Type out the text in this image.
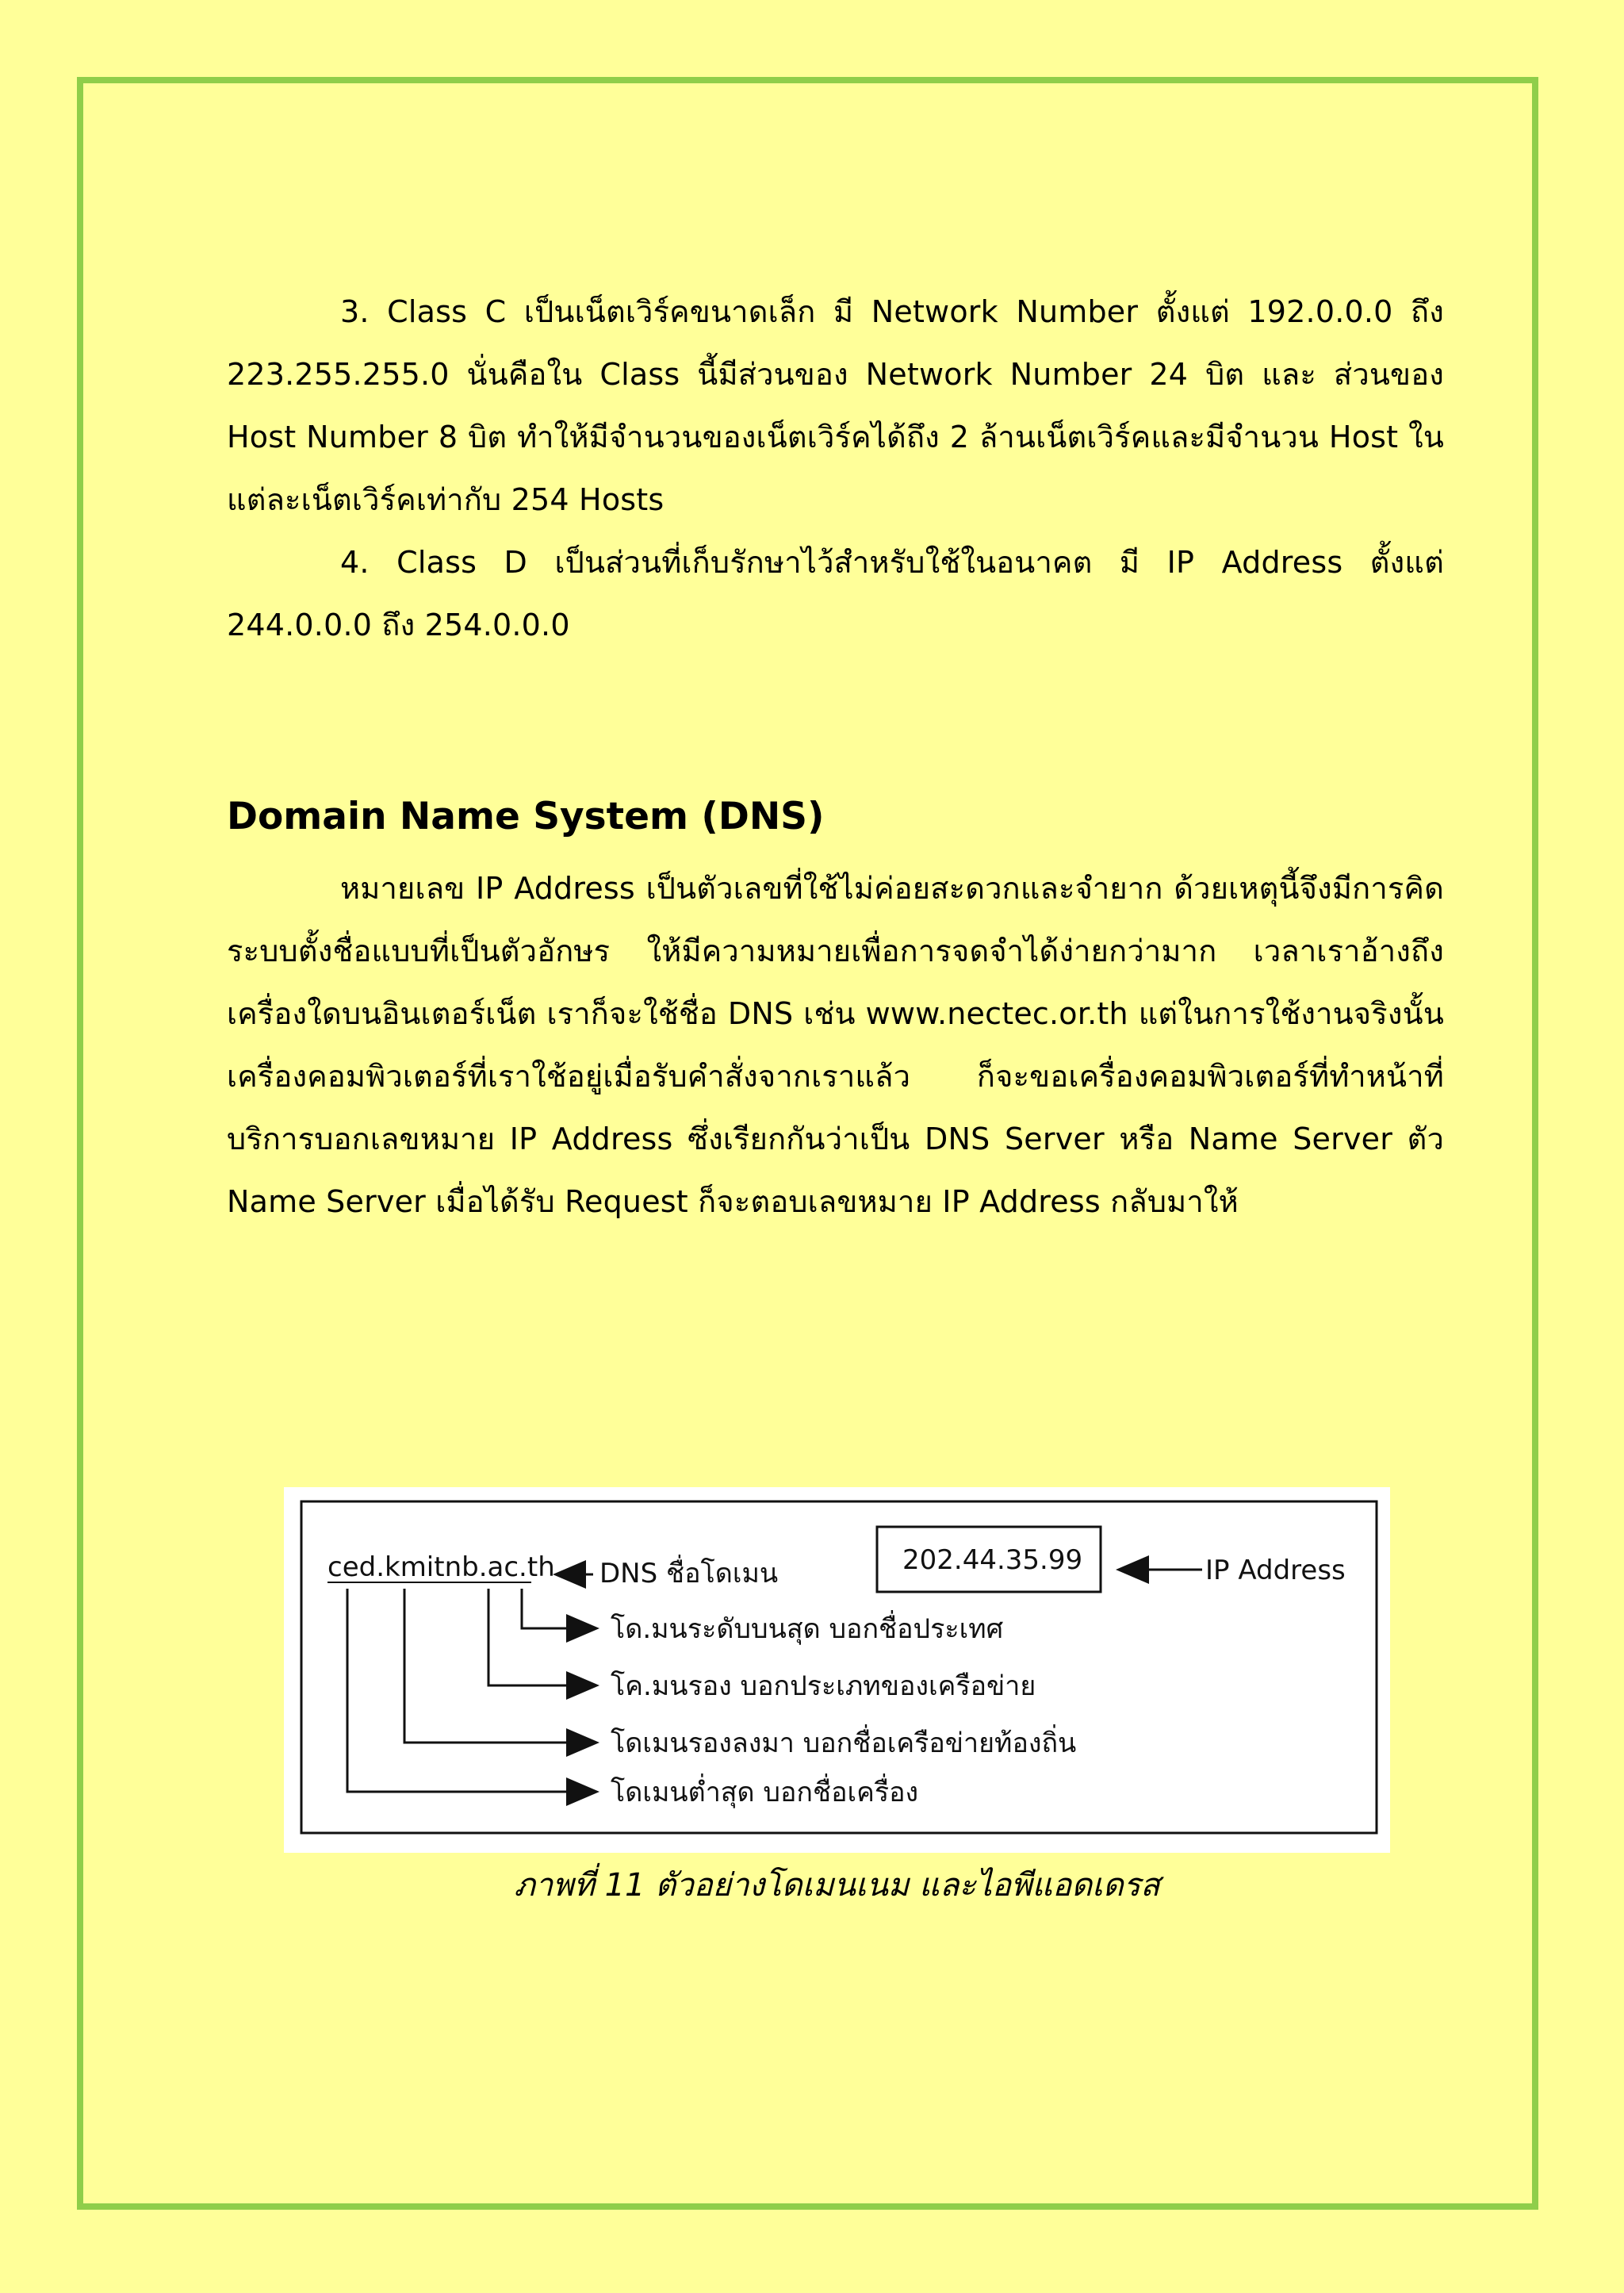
3. Class C เป็นเน็ตเวิร์คขนาดเล็ก มี Network Number ตั้งแต่ 192.0.0.0 ถึง 223.255.255.0 นั่นคือใน Class นี้มีส่วนของ Network Number 24 บิต และ ส่วนของ Host Number 8 บิต ทำให้มีจำนวนของเน็ตเวิร์คได้ถึง 2 ล้านเน็ตเวิร์คและมีจำนวน Host ในแต่ละเน็ตเวิร์คเท่ากับ 254 Hosts

4. Class D เป็นส่วนที่เก็บรักษาไว้สำหรับใช้ในอนาคต มี IP Address ตั้งแต่ 244.0.0.0 ถึง 254.0.0.0

Domain Name System (DNS)

หมายเลข IP Address เป็นตัวเลขที่ใช้ไม่ค่อยสะดวกและจำยาก ด้วยเหตุนี้จึงมีการคิดระบบตั้งชื่อแบบที่เป็นตัวอักษร ให้มีความหมายเพื่อการจดจำได้ง่ายกว่ามาก เวลาเราอ้างถึงเครื่องใดบนอินเตอร์เน็ต เราก็จะใช้ชื่อ DNS เช่น www.nectec.or.th แต่ในการใช้งานจริงนั้น เครื่องคอมพิวเตอร์ที่เราใช้อยู่เมื่อรับคำสั่งจากเราแล้ว ก็จะขอเครื่องคอมพิวเตอร์ที่ทำหน้าที่บริการบอกเลขหมาย IP Address ซึ่งเรียกกันว่าเป็น DNS Server หรือ Name Server ตัว Name Server เมื่อได้รับ Request ก็จะตอบเลขหมาย IP Address กลับมาให้

ced.kmitnb.ac.th DNS ชื่อโดเมน	202.44.35.99	IP Address
โด.มนระดับบนสุด บอกชื่อประเทศ
โค.มนรอง บอกประเภทของเครือข่าย
โดเมนรองลงมา บอกชื่อเครือข่ายท้องถิ่น
โดเมนต่ำสุด บอกชื่อเครื่อง

ภาพที่ 11 ตัวอย่างโดเมนเนม และไอพีแอดเดรส
